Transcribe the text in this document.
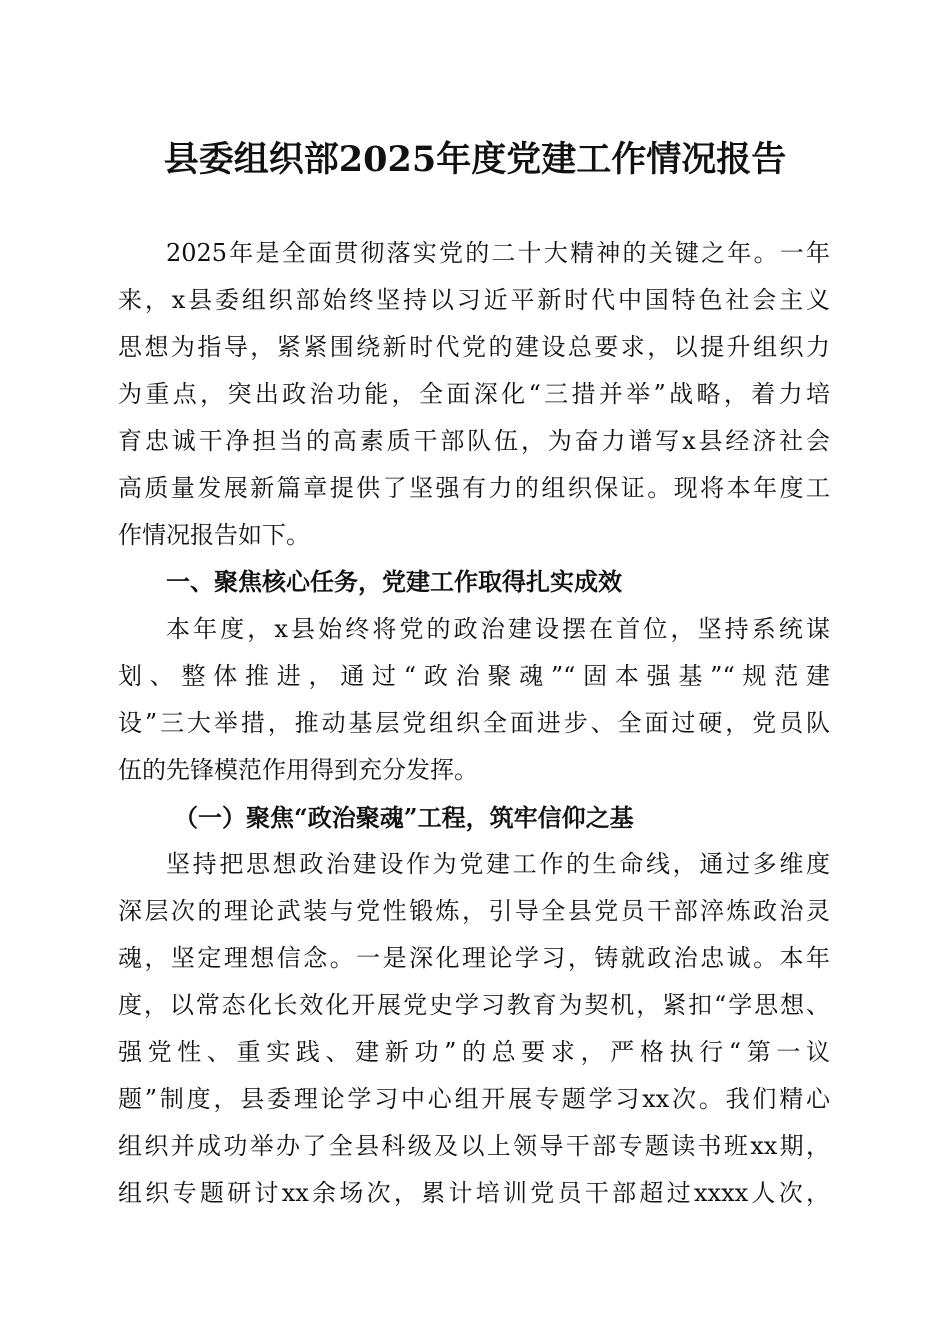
县委组织部2025年度党建工作情况报告
2025年是全面贯彻落实党的二十大精神的关键之年。一年
来，x县委组织部始终坚持以习近平新时代中国特色社会主义
思想为指导，紧紧围绕新时代党的建设总要求，以提升组织力
为重点，突出政治功能，全面深化“三措并举”战略，着力培
育忠诚干净担当的高素质干部队伍，为奋力谱写x县经济社会
高质量发展新篇章提供了坚强有力的组织保证。现将本年度工
作情况报告如下。
一、聚焦核心任务，党建工作取得扎实成效
本年度，x县始终将党的政治建设摆在首位，坚持系统谋
划、整体推进，通过“政治聚魂”“固本强基”“规范建
设”三大举措，推动基层党组织全面进步、全面过硬，党员队
伍的先锋模范作用得到充分发挥。
（一）聚焦“政治聚魂”工程，筑牢信仰之基
坚持把思想政治建设作为党建工作的生命线，通过多维度
深层次的理论武装与党性锻炼，引导全县党员干部淬炼政治灵
魂，坚定理想信念。一是深化理论学习，铸就政治忠诚。本年
度，以常态化长效化开展党史学习教育为契机，紧扣“学思想、
强党性、重实践、建新功”的总要求，严格执行“第一议
题”制度，县委理论学习中心组开展专题学习xx次。我们精心
组织并成功举办了全县科级及以上领导干部专题读书班xx期，
组织专题研讨xx余场次，累计培训党员干部超过xxxx人次，
